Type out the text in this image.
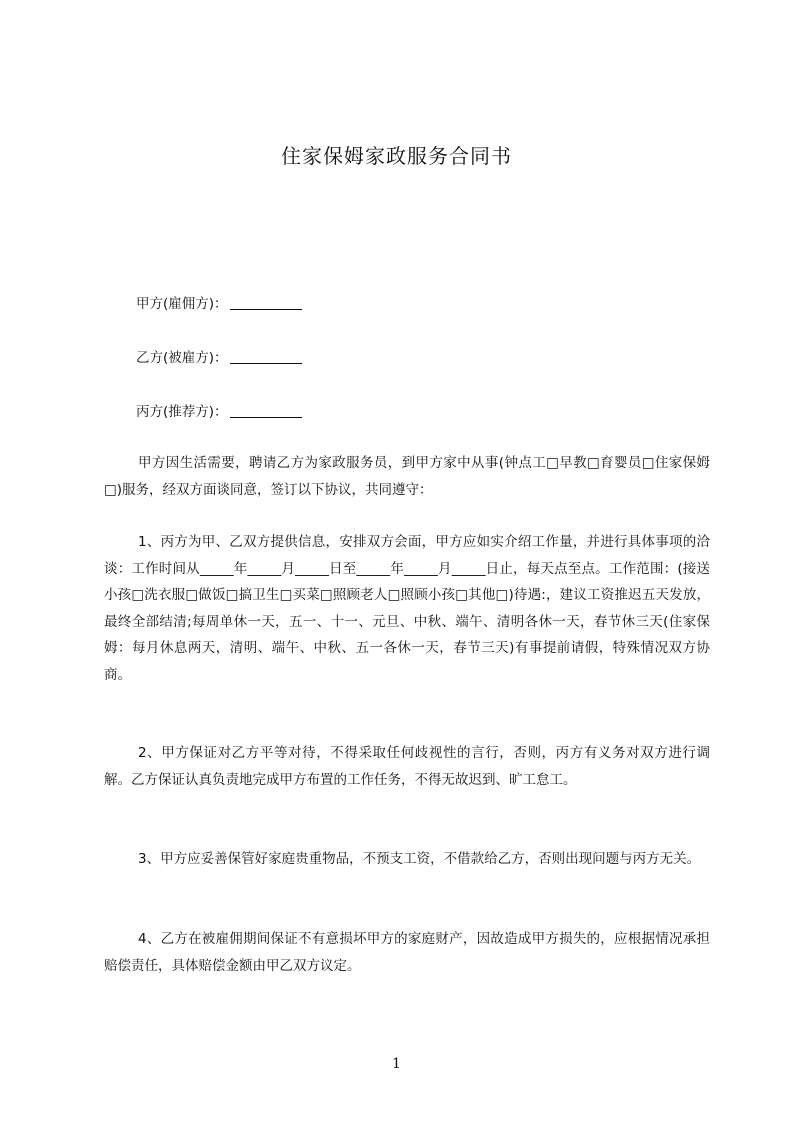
住家保姆家政服务合同书
甲方(雇佣方)：
乙方(被雇方)：
丙方(推荐方)：
甲方因生活需要，聘请乙方为家政服务员，到甲方家中从事(钟点工□早教□育婴员□住家保姆□)服务，经双方面谈同意，签订以下协议，共同遵守：
1、丙方为甲、乙双方提供信息，安排双方会面，甲方应如实介绍工作量，并进行具体事项的洽谈：工作时间从_____年_____月_____日至_____年_____月_____日止，每天点至点。工作范围：(接送小孩□洗衣服□做饭□搞卫生□买菜□照顾老人□照顾小孩□其他□)待遇:，建议工资推迟五天发放，最终全部结清;每周单休一天，五一、十一、元旦、中秋、端午、清明各休一天，春节休三天(住家保姆：每月休息两天，清明、端午、中秋、五一各休一天，春节三天)有事提前请假，特殊情况双方协商。
2、甲方保证对乙方平等对待，不得采取任何歧视性的言行，否则，丙方有义务对双方进行调解。乙方保证认真负责地完成甲方布置的工作任务，不得无故迟到、旷工怠工。
3、甲方应妥善保管好家庭贵重物品，不预支工资，不借款给乙方，否则出现问题与丙方无关。
4、乙方在被雇佣期间保证不有意损坏甲方的家庭财产，因故造成甲方损失的，应根据情况承担赔偿责任，具体赔偿金额由甲乙双方议定。
1
